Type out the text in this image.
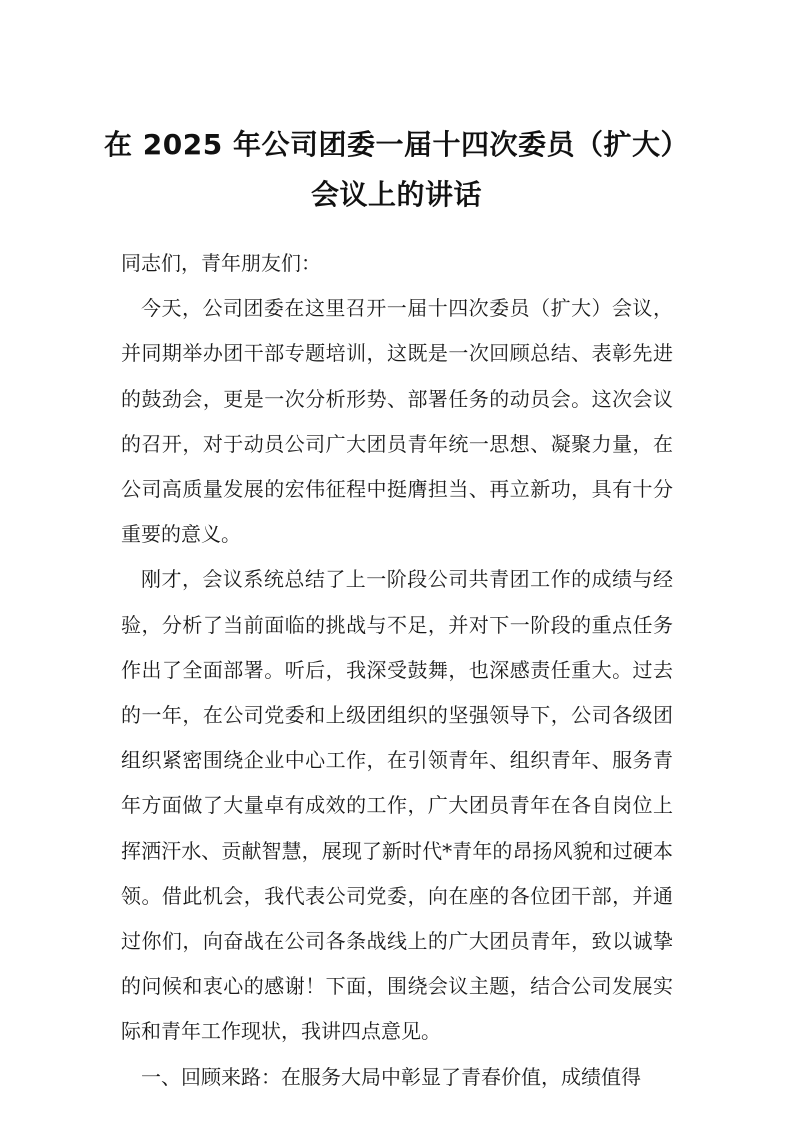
在 2025 年公司团委一届十四次委员（扩大）
会议上的讲话

同志们，青年朋友们：

今天，公司团委在这里召开一届十四次委员（扩大）会议，并同期举办团干部专题培训，这既是一次回顾总结、表彰先进的鼓劲会，更是一次分析形势、部署任务的动员会。这次会议的召开，对于动员公司广大团员青年统一思想、凝聚力量，在公司高质量发展的宏伟征程中挺膺担当、再立新功，具有十分重要的意义。

刚才，会议系统总结了上一阶段公司共青团工作的成绩与经验，分析了当前面临的挑战与不足，并对下一阶段的重点任务作出了全面部署。听后，我深受鼓舞，也深感责任重大。过去的一年，在公司党委和上级团组织的坚强领导下，公司各级团组织紧密围绕企业中心工作，在引领青年、组织青年、服务青年方面做了大量卓有成效的工作，广大团员青年在各自岗位上挥洒汗水、贡献智慧，展现了新时代*青年的昂扬风貌和过硬本领。借此机会，我代表公司党委，向在座的各位团干部，并通过你们，向奋战在公司各条战线上的广大团员青年，致以诚挚的问候和衷心的感谢！下面，围绕会议主题，结合公司发展实际和青年工作现状，我讲四点意见。

一、回顾来路：在服务大局中彰显了青春价值，成绩值得
